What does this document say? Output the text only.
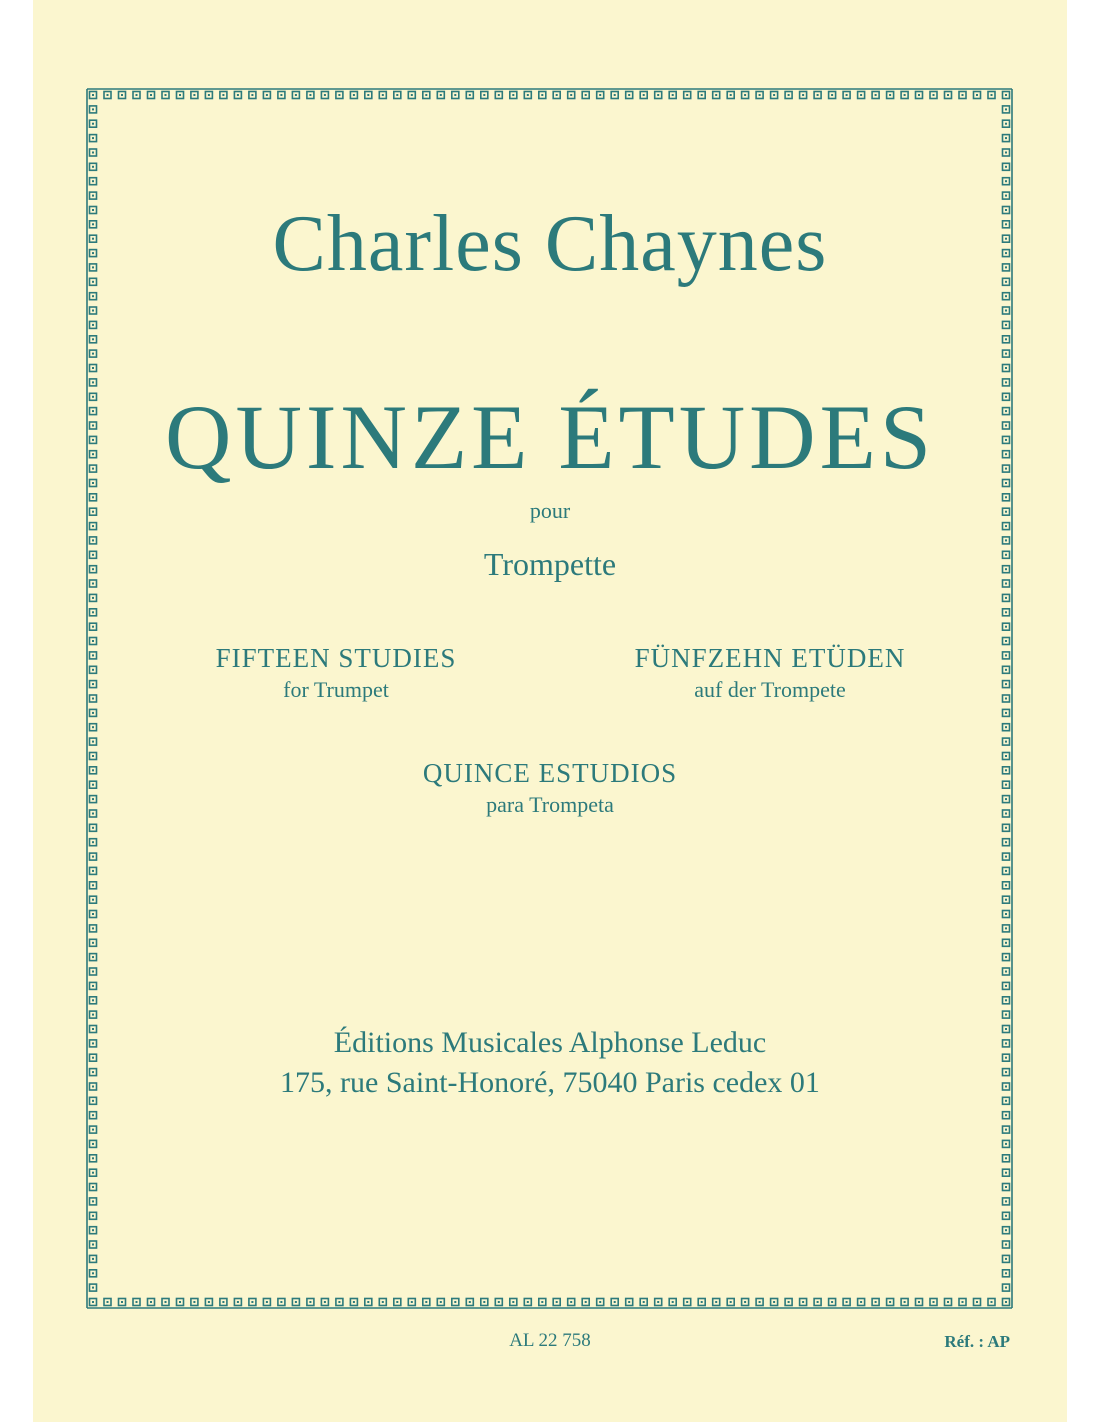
Charles Chaynes
QUINZE ÉTUDES
pour
Trompette
FIFTEEN STUDIES
for Trumpet
FÜNFZEHN ETÜDEN
auf der Trompete
QUINCE ESTUDIOS
para Trompeta
Éditions Musicales Alphonse Leduc
175, rue Saint-Honoré, 75040 Paris cedex 01
AL 22 758	Réf. : AP
